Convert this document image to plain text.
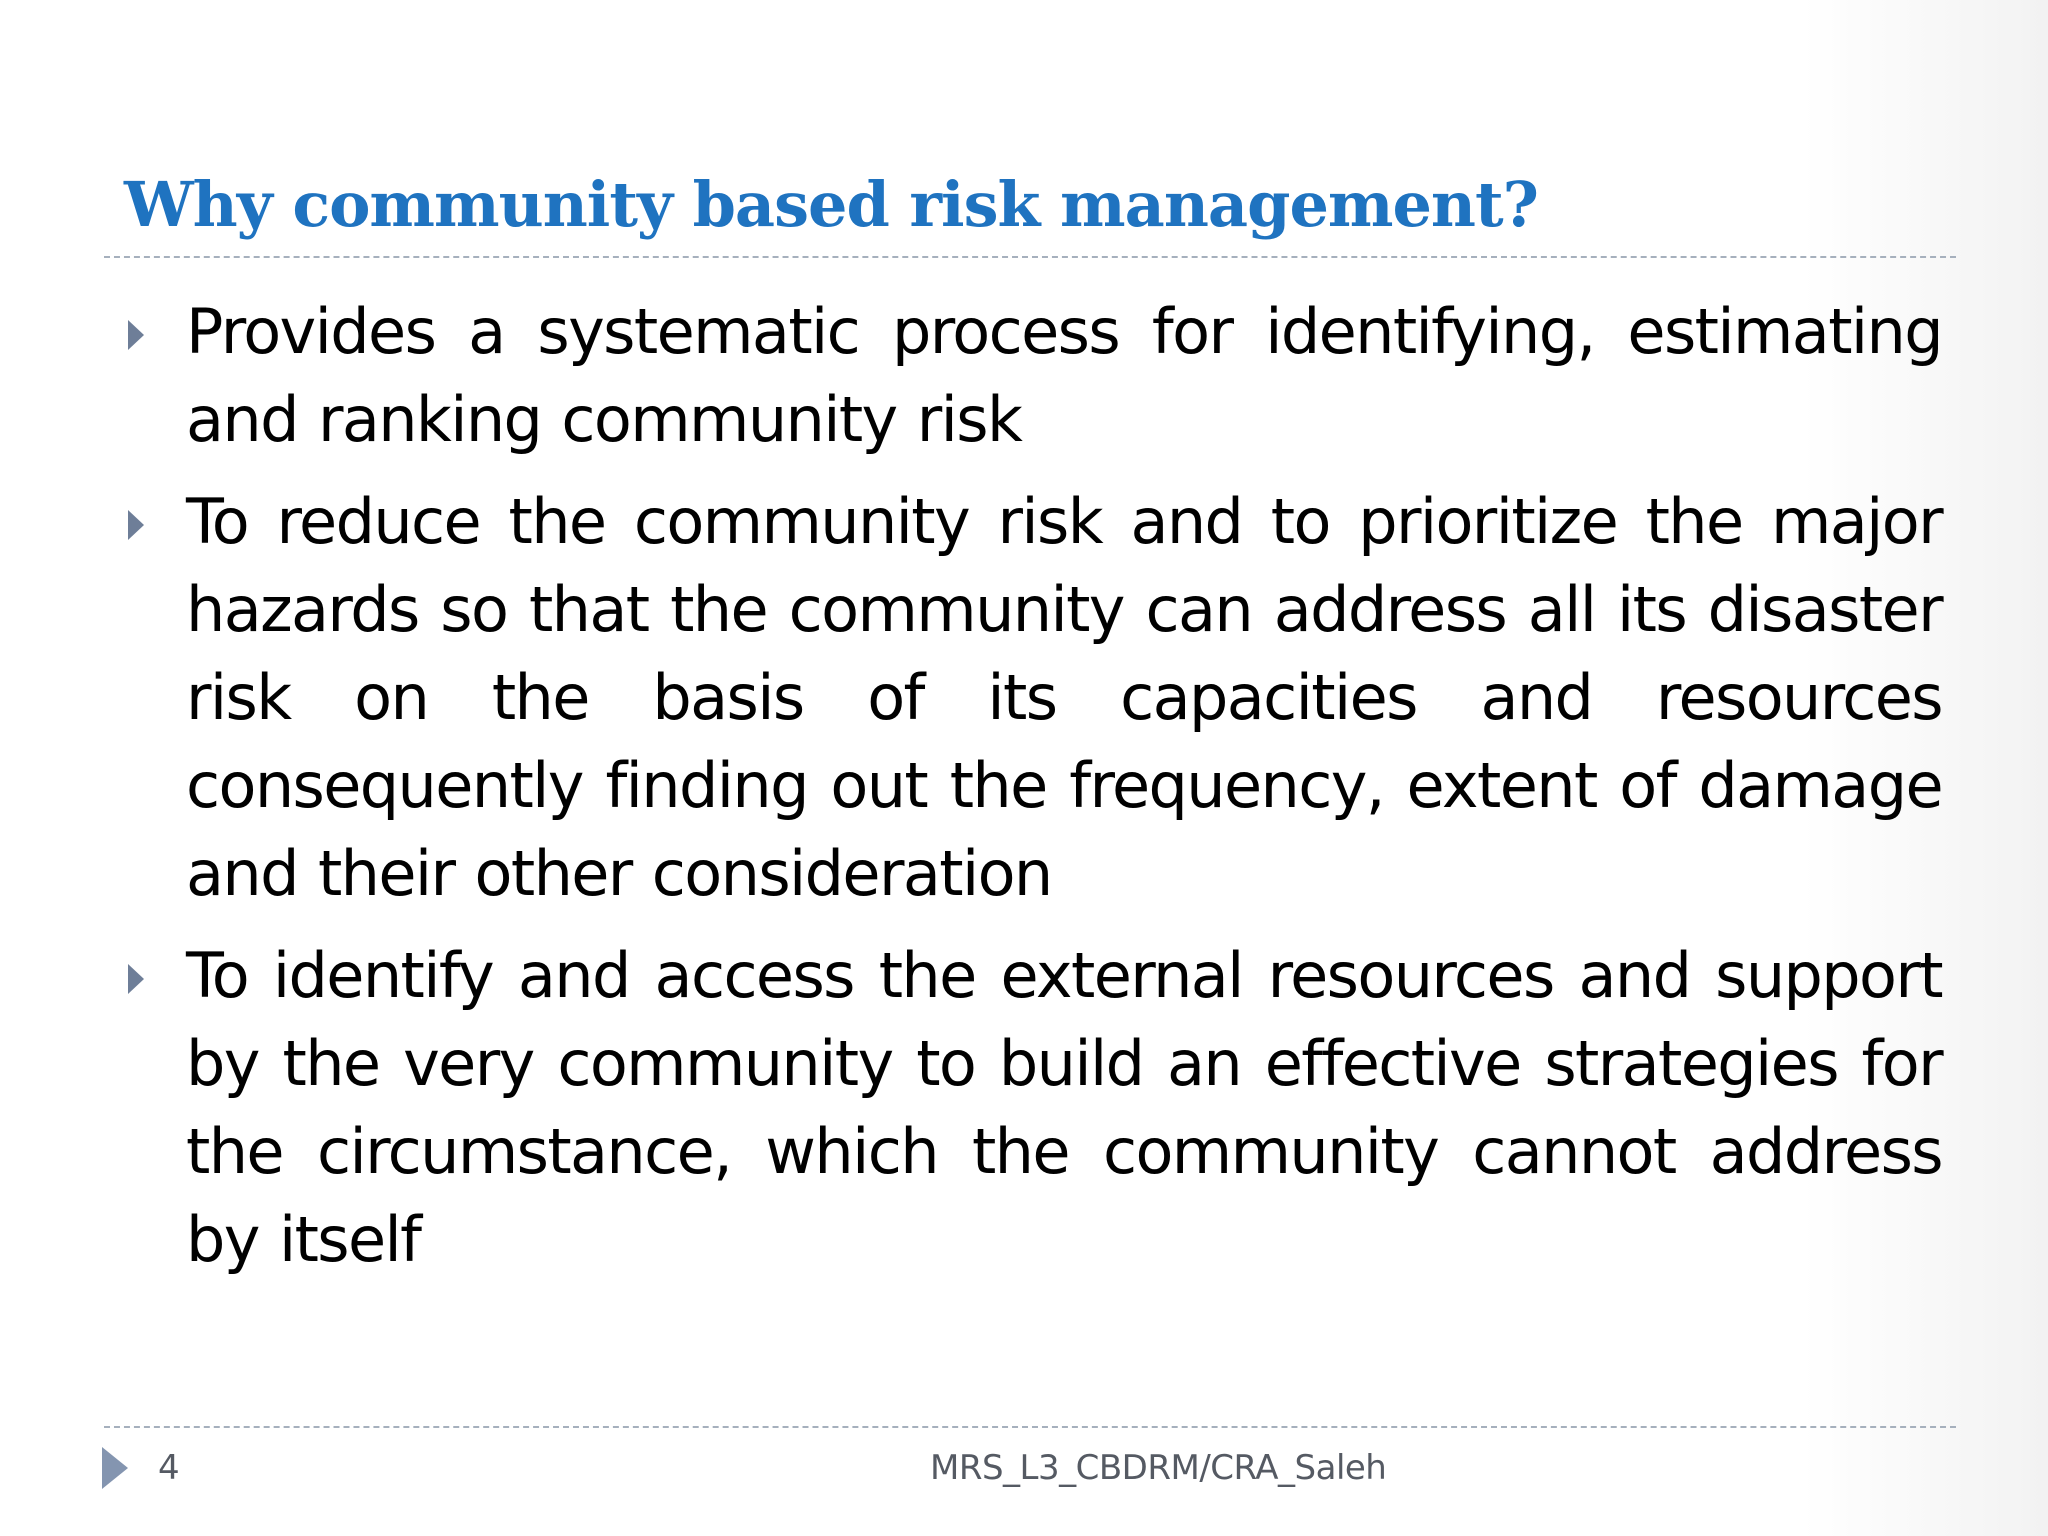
Why community based risk management?
Provides a systematic process for identifying, estimating and ranking community risk
To reduce the community risk and to prioritize the major hazards so that the community can address all its disaster risk on the basis of its capacities and resources consequently finding out the frequency, extent of damage and their other consideration
To identify and access the external resources and support by the very community to build an effective strategies for the circumstance, which the community cannot address by itself
4	MRS_L3_CBDRM/CRA_Saleh
